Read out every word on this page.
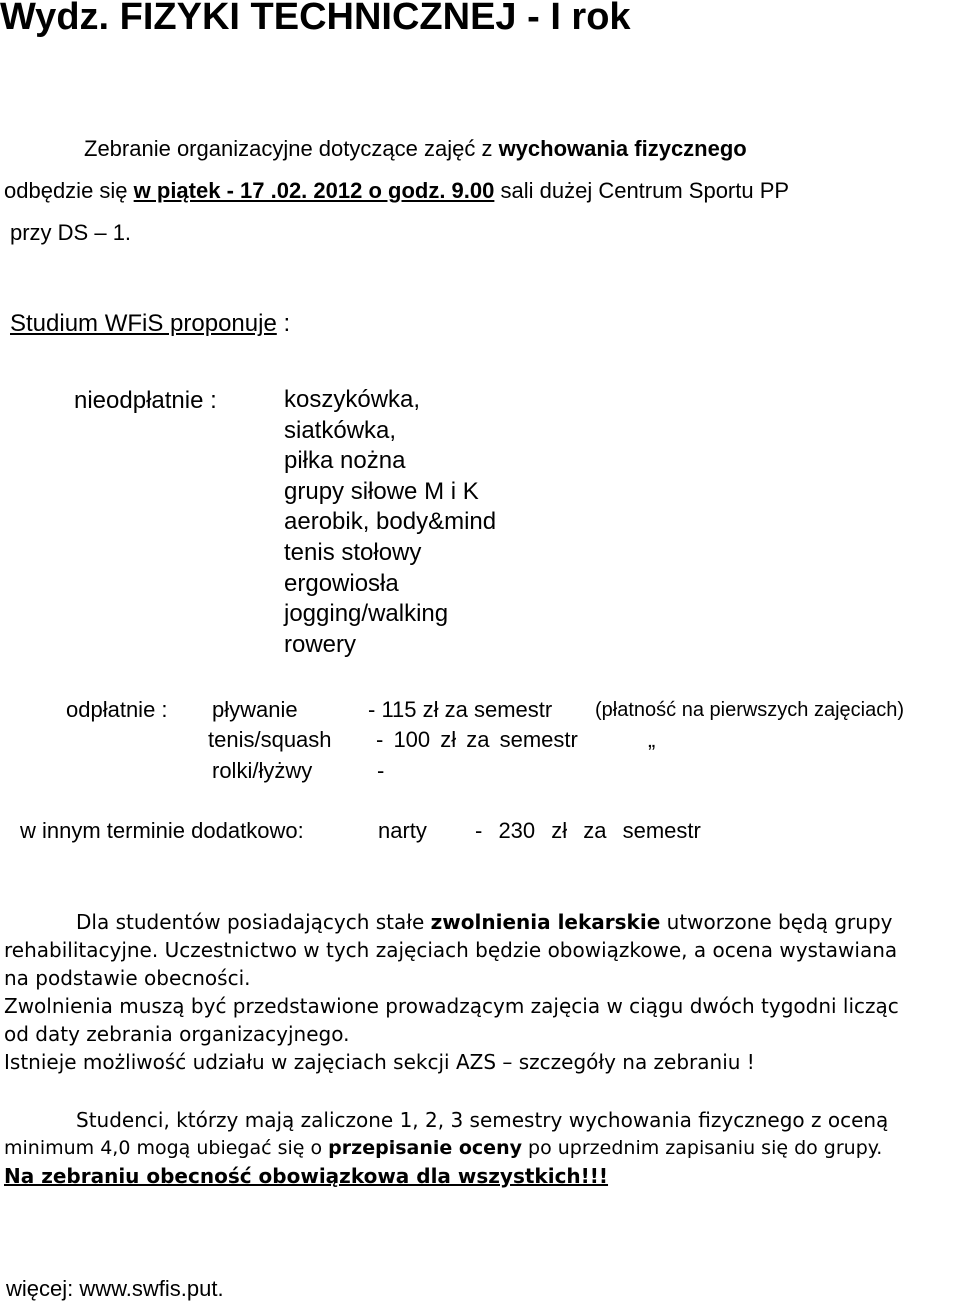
Wydz. FIZYKI TECHNICZNEJ - I rok
Zebranie organizacyjne dotyczące zajęć z wychowania fizycznego
odbędzie się w piątek - 17 .02. 2012 o godz. 9.00 sali dużej Centrum Sportu PP
przy DS – 1.
Studium WFiS proponuje :
nieodpłatnie :	koszykówka,
siatkówka,
piłka nożna
grupy siłowe M i K
aerobik, body&mind
tenis stołowy
ergowiosła
jogging/walking
rowery
odpłatnie : pływanie	- 115 zł za semestr (płatność na pierwszych zajęciach)
tenis/squash - 100 zł za semestr	„
rolki/łyżwy	-
w innym terminie dodatkowo:	narty - 230 zł za semestr
Dla studentów posiadających stałe zwolnienia lekarskie utworzone będą grupy
rehabilitacyjne. Uczestnictwo w tych zajęciach będzie obowiązkowe, a ocena wystawiana
na podstawie obecności.
Zwolnienia muszą być przedstawione prowadzącym zajęcia w ciągu dwóch tygodni licząc
od daty zebrania organizacyjnego.
Istnieje możliwość udziału w zajęciach sekcji AZS – szczegóły na zebraniu !
Studenci, którzy mają zaliczone 1, 2, 3 semestry wychowania fizycznego z oceną
minimum 4,0 mogą ubiegać się o przepisanie oceny po uprzednim zapisaniu się do grupy.
Na zebraniu obecność obowiązkowa dla wszystkich!!!
więcej: www.swfis.put.
